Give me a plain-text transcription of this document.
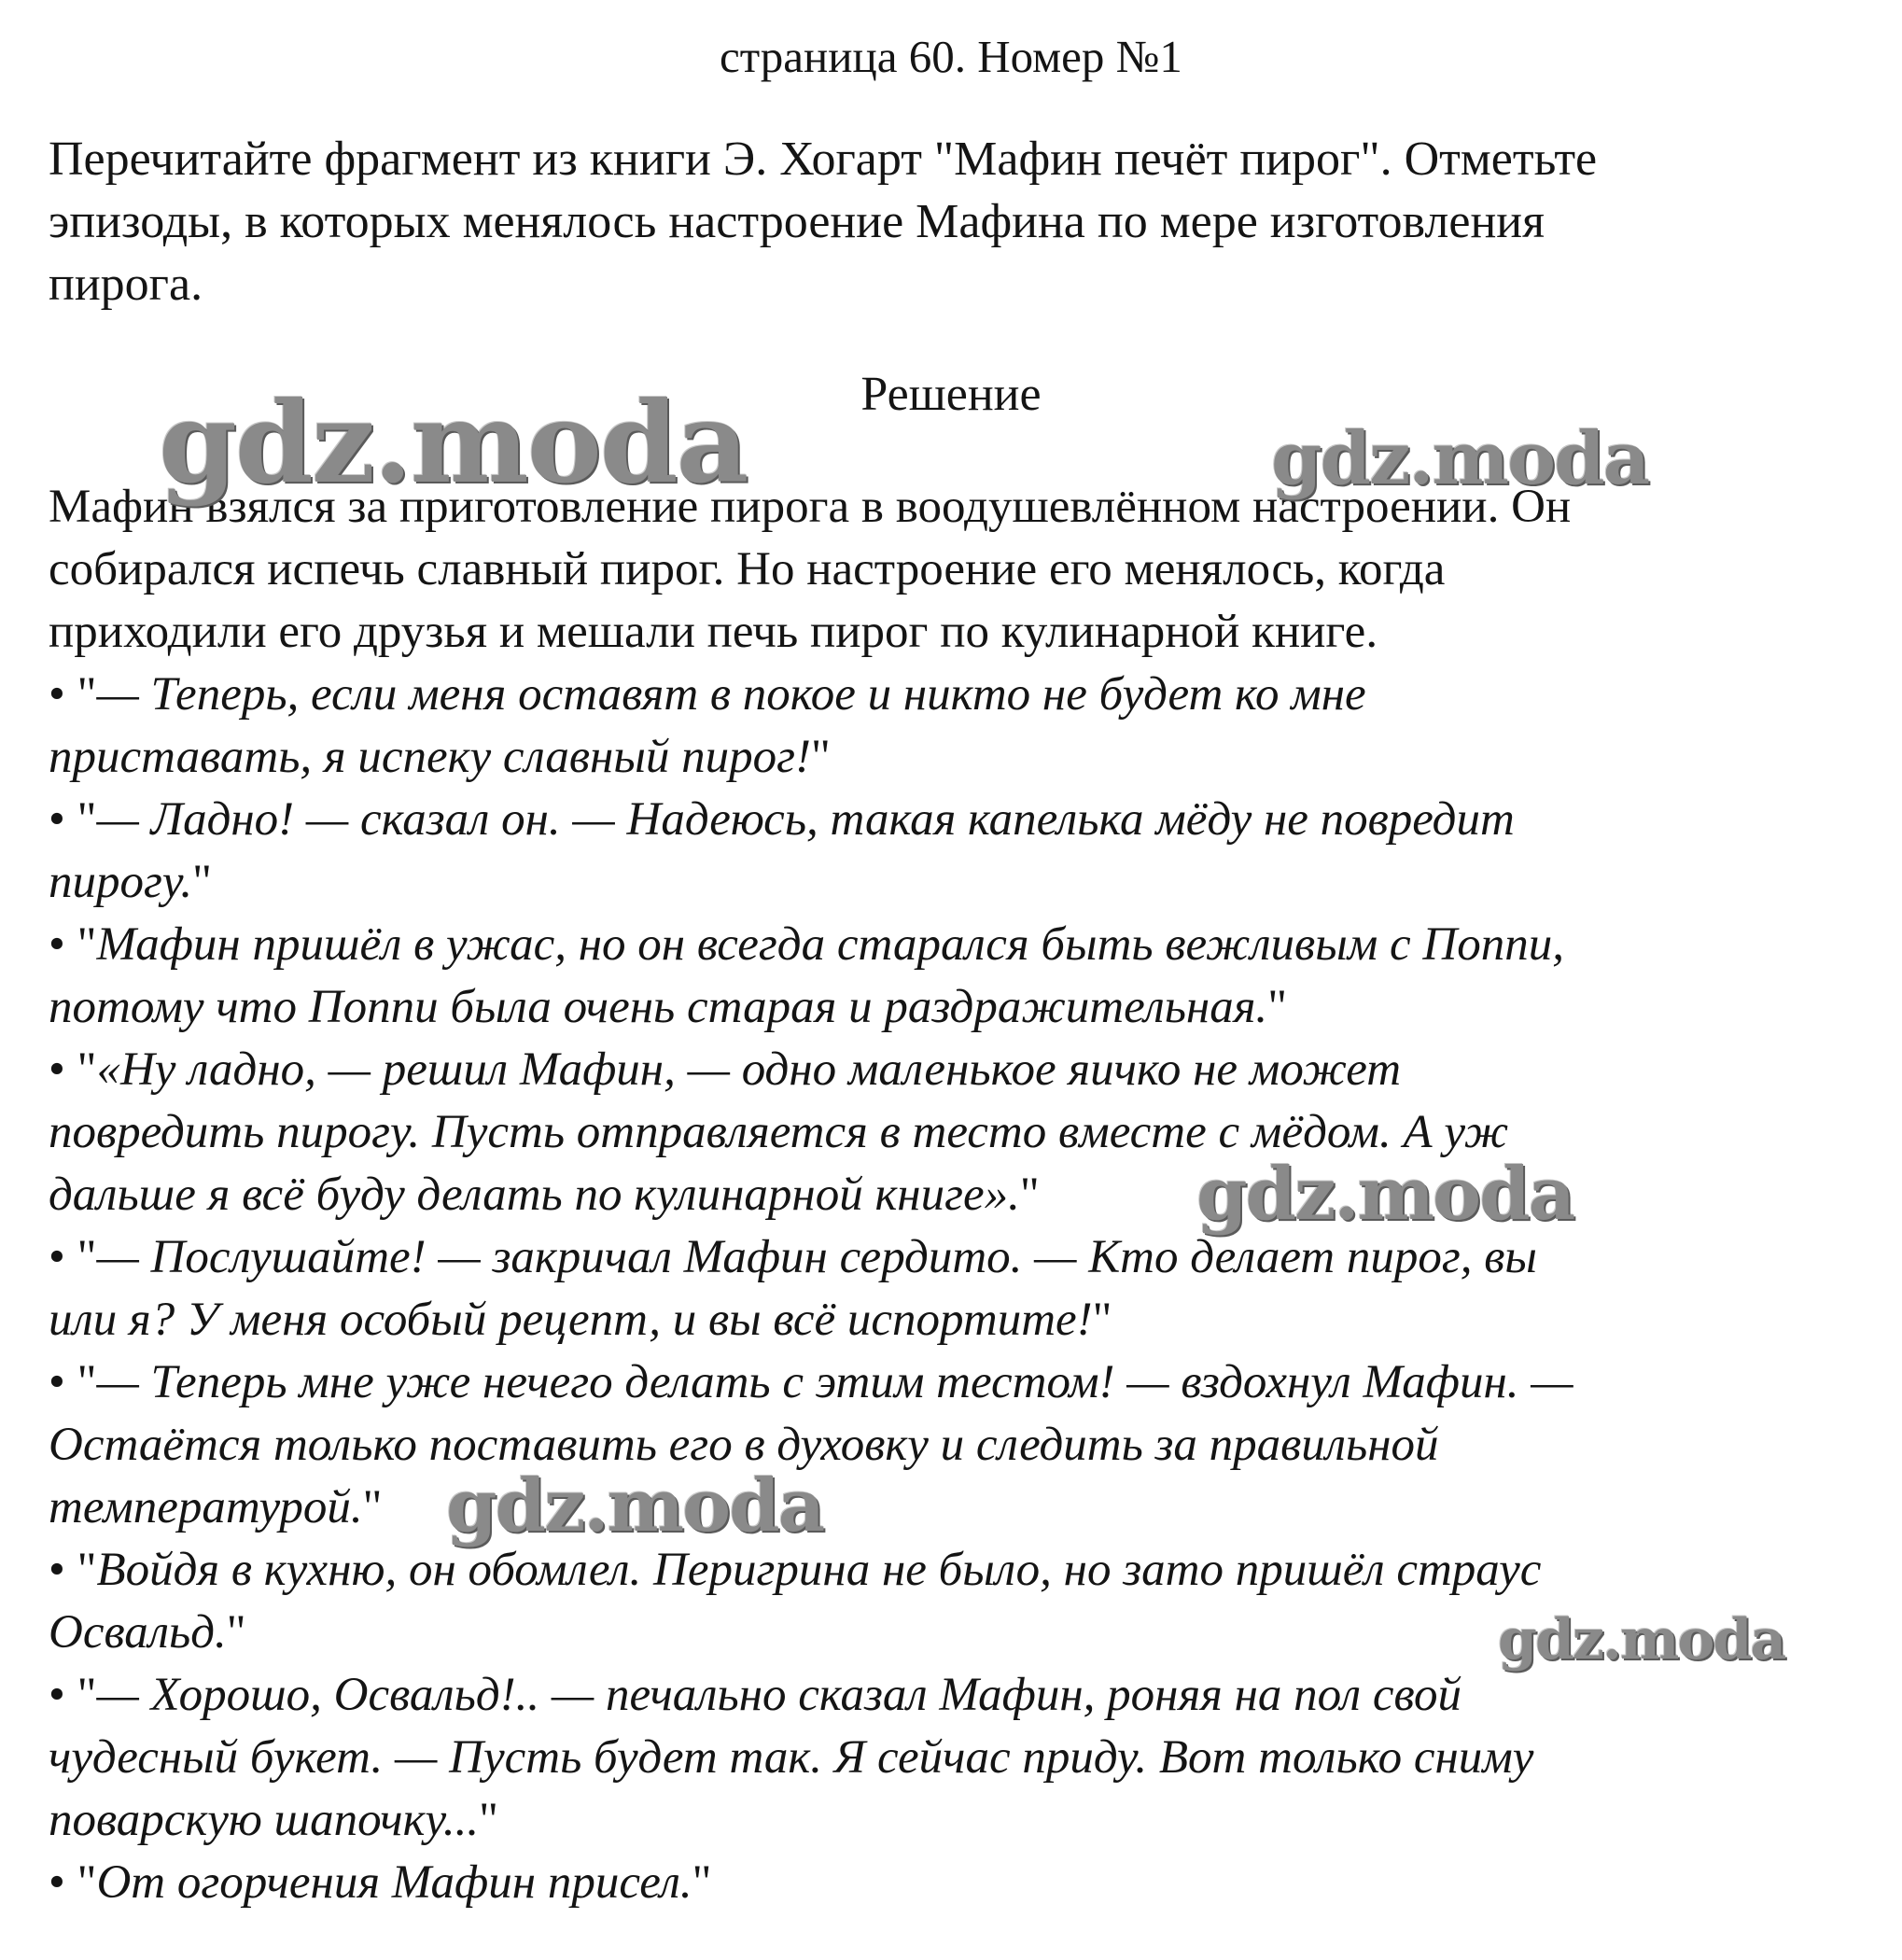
страница 60. Номер №1
Перечитайте фрагмент из книги Э. Хогарт "Мафин печёт пирог". Отметьте
эпизоды, в которых менялось настроение Мафина по мере изготовления
пирога.
Решение
Мафин взялся за приготовление пирога в воодушевлённом настроении. Он
собирался испечь славный пирог. Но настроение его менялось, когда
приходили его друзья и мешали печь пирог по кулинарной книге.
• "— Теперь, если меня оставят в покое и никто не будет ко мне
приставать, я испеку славный пирог!"
• "— Ладно! — сказал он. — Надеюсь, такая капелька мёду не повредит
пирогу."
• "Мафин пришёл в ужас, но он всегда старался быть вежливым с Поппи,
потому что Поппи была очень старая и раздражительная."
• "«Ну ладно, — решил Мафин, — одно маленькое яичко не может
повредить пирогу. Пусть отправляется в тесто вместе с мёдом. А уж
дальше я всё буду делать по кулинарной книге»."
• "— Послушайте! — закричал Мафин сердито. — Кто делает пирог, вы
или я? У меня особый рецепт, и вы всё испортите!"
• "— Теперь мне уже нечего делать с этим тестом! — вздохнул Мафин. —
Остаётся только поставить его в духовку и следить за правильной
температурой."
• "Войдя в кухню, он обомлел. Перигрина не было, но зато пришёл страус
Освальд."
• "— Хорошо, Освальд!.. — печально сказал Мафин, роняя на пол свой
чудесный букет. — Пусть будет так. Я сейчас приду. Вот только сниму
поварскую шапочку..."
• "От огорчения Мафин присел."
gdz.moda	gdz.moda
gdz.moda
gdz.moda
gdz.moda
